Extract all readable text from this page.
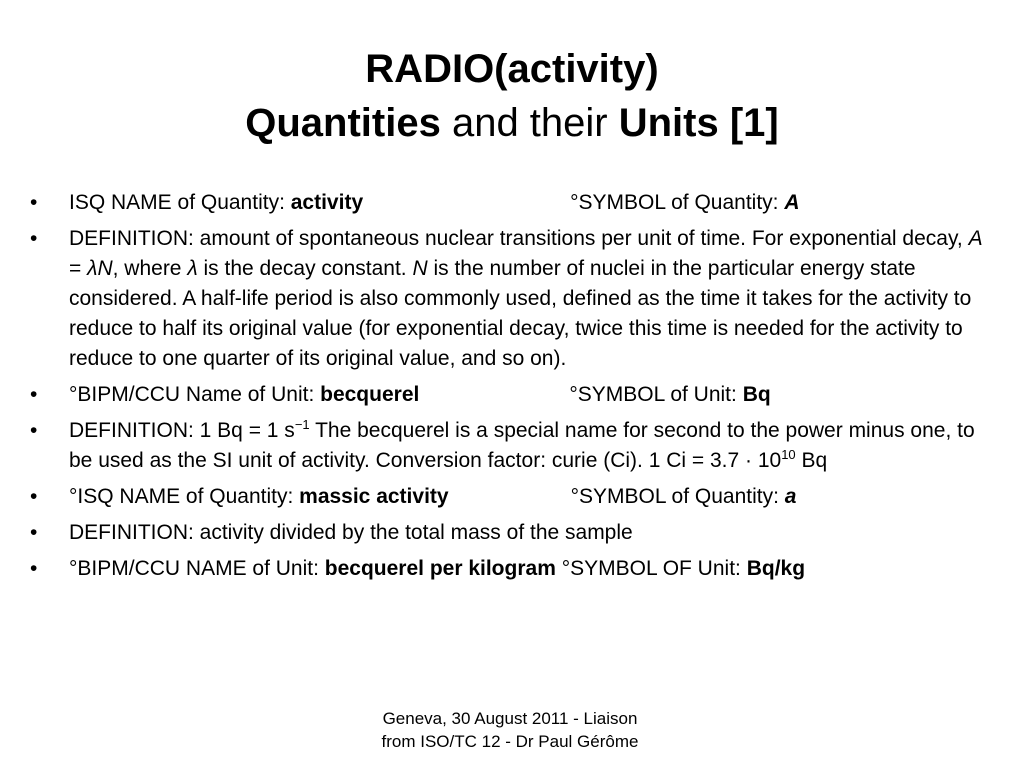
RADIO(activity)
Quantities and their Units [1]
• ISQ NAME of Quantity: activity	°SYMBOL of Quantity: A
• DEFINITION: amount of spontaneous nuclear transitions per unit of time. For exponential decay, A = λN, where λ is the decay constant. N is the number of nuclei in the particular energy state considered. A half-life period is also commonly used, defined as the time it takes for the activity to reduce to half its original value (for exponential decay, twice this time is needed for the activity to reduce to one quarter of its original value, and so on).
• °BIPM/CCU Name of Unit: becquerel	°SYMBOL of Unit: Bq
• DEFINITION: 1 Bq = 1 $s^{-1}$ The becquerel is a special name for second to the power minus one, to be used as the SI unit of activity. Conversion factor: curie (Ci). 1 $Ci = 3.7 \cdot 10^{10}$ Bq
• °ISQ NAME of Quantity: massic activity	°SYMBOL of Quantity: a
• DEFINITION: activity divided by the total mass of the sample
• °BIPM/CCU NAME of Unit: becquerel per kilogram °SYMBOL OF Unit: Bq/kg
Geneva, 30 August 2011 - Liaison
from ISO/TC 12 - Dr Paul Gérôme
